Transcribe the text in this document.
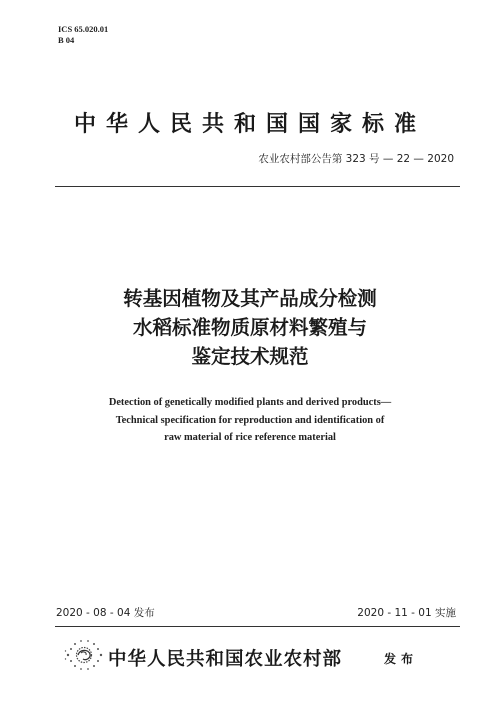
ICS 65.020.01
B 04
中华人民共和国国家标准
农业农村部公告第 323 号 — 22 — 2020
转基因植物及其产品成分检测
水稻标准物质原材料繁殖与
鉴定技术规范
Detection of genetically modified plants and derived products—
Technical specification for reproduction and identification of
raw material of rice reference material
2020 - 08 - 04 发布	2020 - 11 - 01 实施
中华人民共和国农业农村部	发布
